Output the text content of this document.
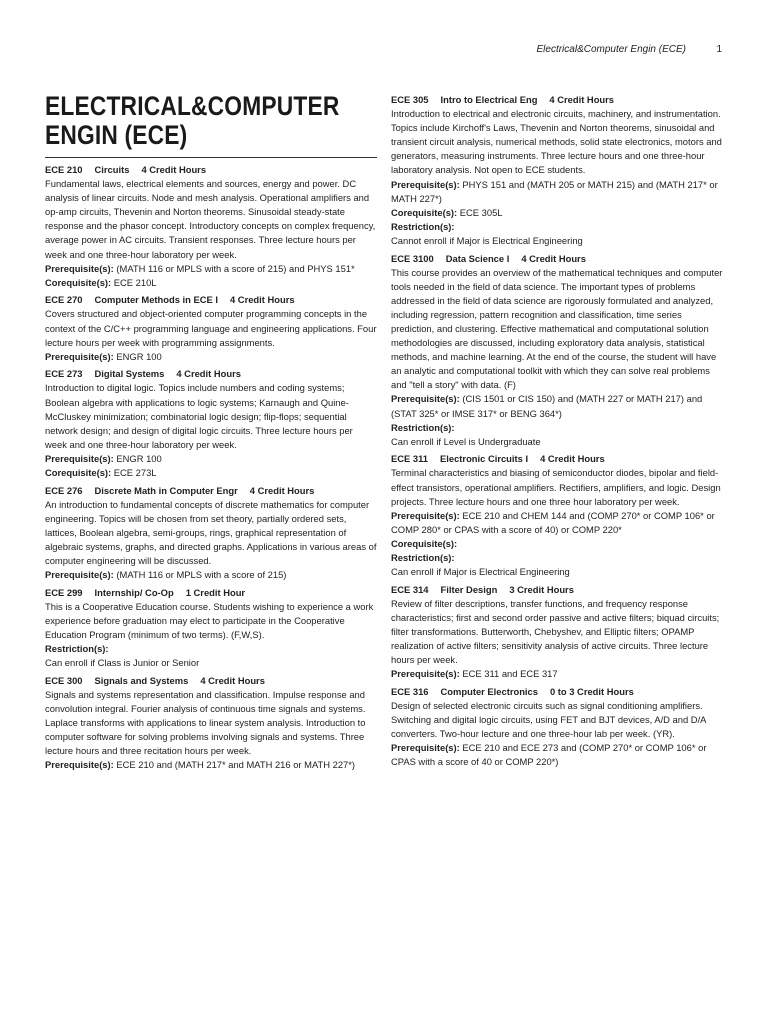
Electrical&Computer Engin (ECE)	1
ELECTRICAL&COMPUTER
ENGIN (ECE)
ECE 210 Circuits 4 Credit Hours

Fundamental laws, electrical elements and sources, energy and power. DC analysis of linear circuits. Node and mesh analysis. Operational amplifiers and op-amp circuits, Thevenin and Norton theorems. Sinusoidal steady-state response and the phasor concept. Introductory concepts on complex frequency, average power in AC circuits. Transient responses. Three lecture hours per week and one three-hour laboratory per week.

Prerequisite(s): (MATH 116 or MPLS with a score of 215) and PHYS 151*

Corequisite(s): ECE 210L

ECE 270 Computer Methods in ECE I 4 Credit Hours

Covers structured and object-oriented computer programming concepts in the context of the C/C++ programming language and engineering applications. Four lecture hours per week with programming assignments.

Prerequisite(s): ENGR 100

ECE 273 Digital Systems 4 Credit Hours

Introduction to digital logic. Topics include numbers and coding systems; Boolean algebra with applications to logic systems; Karnaugh and Quine-McCluskey minimization; combinatorial logic design; flip-flops; sequential network design; and design of digital logic circuits. Three lecture hours per week and one three-hour laboratory per week.

Prerequisite(s): ENGR 100

Corequisite(s): ECE 273L

ECE 276 Discrete Math in Computer Engr 4 Credit Hours

An introduction to fundamental concepts of discrete mathematics for computer engineering. Topics will be chosen from set theory, partially ordered sets, lattices, Boolean algebra, semi-groups, rings, graphical representation of algebraic systems, graphs, and directed graphs. Applications in various areas of computer engineering will be discussed.

Prerequisite(s): (MATH 116 or MPLS with a score of 215)

ECE 299 Internship/ Co-Op 1 Credit Hour

This is a Cooperative Education course. Students wishing to experience a work experience before graduation may elect to participate in the Cooperative Education Program (minimum of two terms). (F,W,S).

Restriction(s):

Can enroll if Class is Junior or Senior

ECE 300 Signals and Systems 4 Credit Hours

Signals and systems representation and classification. Impulse response and convolution integral. Fourier analysis of continuous time signals and systems. Laplace transforms with applications to linear system analysis. Introduction to computer software for solving problems involving signals and systems. Three lecture hours and three recitation hours per week.

Prerequisite(s): ECE 210 and (MATH 217* and MATH 216 or MATH 227*)

ECE 305 Intro to Electrical Eng 4 Credit Hours

Introduction to electrical and electronic circuits, machinery, and instrumentation. Topics include Kirchoff's Laws, Thevenin and Norton theorems, sinusoidal and transient circuit analysis, numerical methods, solid state electronics, motors and generators, measuring instruments. Three lecture hours and one three-hour laboratory analysis. Not open to ECE students.

Prerequisite(s): PHYS 151 and (MATH 205 or MATH 215) and (MATH 217* or MATH 227*)

Corequisite(s): ECE 305L

Restriction(s):

Cannot enroll if Major is Electrical Engineering

ECE 3100 Data Science I 4 Credit Hours

This course provides an overview of the mathematical techniques and computer tools needed in the field of data science. The important types of problems addressed in the field of data science are rigorously formulated and analyzed, including regression, pattern recognition and classification, time series prediction, and clustering. Effective mathematical and computational solution methodologies are discussed, including exploratory data analysis, statistical methods, and machine learning. At the end of the course, the student will have an analytic and computational toolkit with which they can solve real problems and "tell a story" with data. (F)

Prerequisite(s): (CIS 1501 or CIS 150) and (MATH 227 or MATH 217) and (STAT 325* or IMSE 317* or BENG 364*)

Restriction(s):

Can enroll if Level is Undergraduate

ECE 311 Electronic Circuits I 4 Credit Hours

Terminal characteristics and biasing of semiconductor diodes, bipolar and field-effect transistors, operational amplifiers. Rectifiers, amplifiers, and logic. Design projects. Three lecture hours and one three hour laboratory per week.

Prerequisite(s): ECE 210 and CHEM 144 and (COMP 270* or COMP 106* or COMP 280* or CPAS with a score of 40) or COMP 220*

Corequisite(s):

Restriction(s):

Can enroll if Major is Electrical Engineering

ECE 314 Filter Design 3 Credit Hours

Review of filter descriptions, transfer functions, and frequency response characteristics; first and second order passive and active filters; biquad circuits; filter transformations. Butterworth, Chebyshev, and Elliptic filters; OPAMP realization of active filters; sensitivity analysis of active circuits. Three lecture hours per week.

Prerequisite(s): ECE 311 and ECE 317

ECE 316 Computer Electronics 0 to 3 Credit Hours

Design of selected electronic circuits such as signal conditioning amplifiers. Switching and digital logic circuits, using FET and BJT devices, A/D and D/A converters. Two-hour lecture and one three-hour lab per week. (YR).

Prerequisite(s): ECE 210 and ECE 273 and (COMP 270* or COMP 106* or CPAS with a score of 40 or COMP 220*)
